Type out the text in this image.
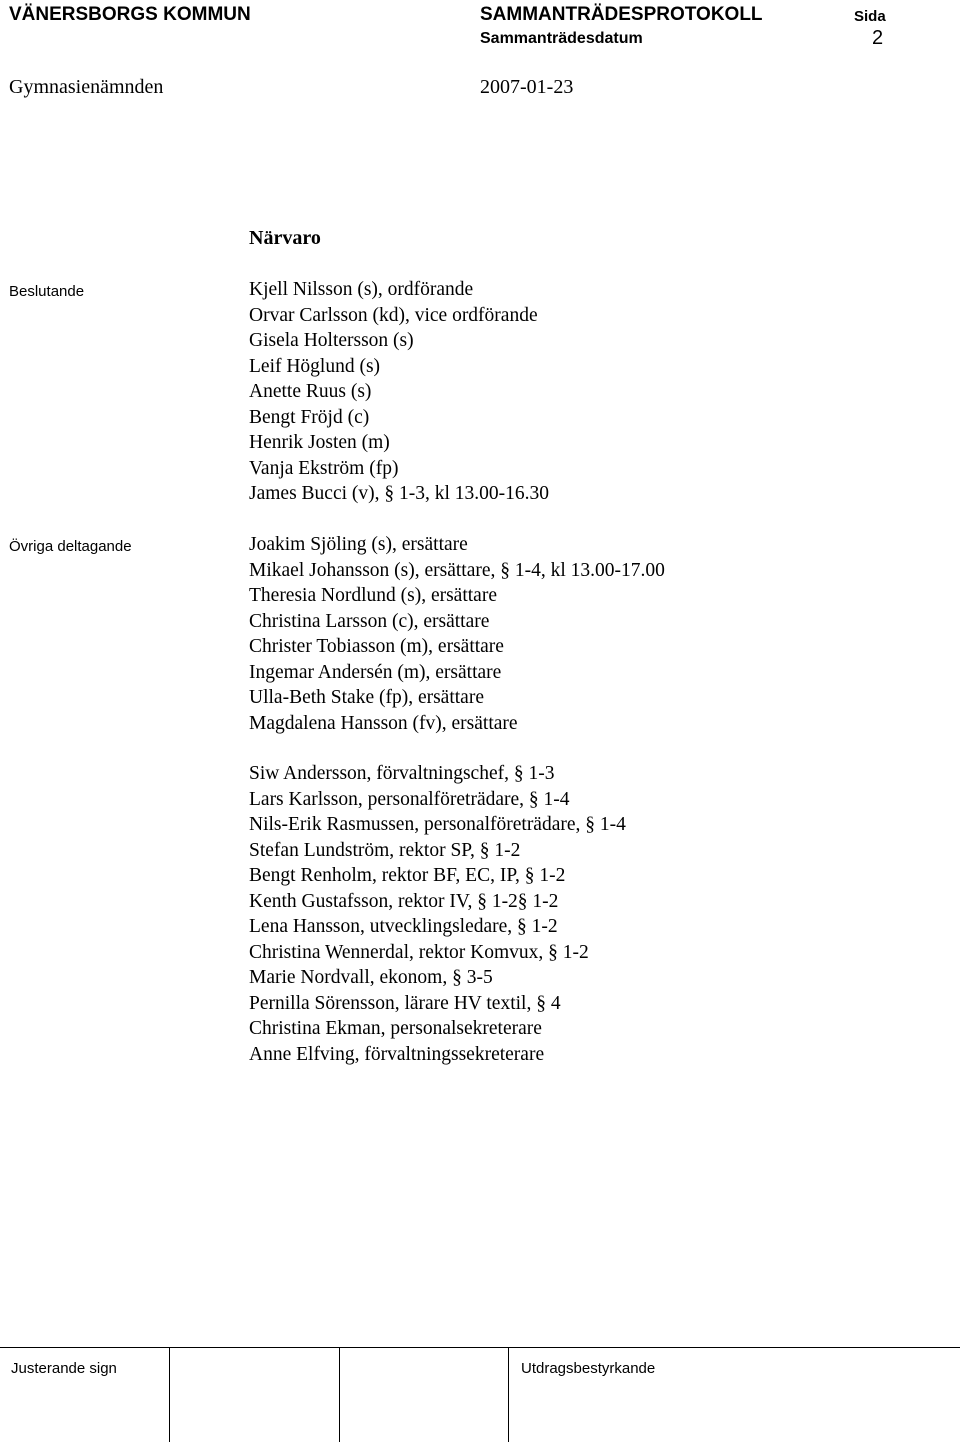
VÄNERSBORGS KOMMUN	SAMMANTRÄDESPROTOKOLL	Sida
Sammanträdesdatum	2
Gymnasienämnden	2007-01-23
Närvaro
Beslutande	Kjell Nilsson (s), ordförande
Orvar Carlsson (kd), vice ordförande
Gisela Holtersson (s)
Leif Höglund (s)
Anette Ruus (s)
Bengt Fröjd (c)
Henrik Josten (m)
Vanja Ekström (fp)
James Bucci (v), § 1-3, kl 13.00-16.30
Övriga deltagande	Joakim Sjöling (s), ersättare
Mikael Johansson (s), ersättare, § 1-4, kl 13.00-17.00
Theresia Nordlund (s), ersättare
Christina Larsson (c), ersättare
Christer Tobiasson (m), ersättare
Ingemar Andersén (m), ersättare
Ulla-Beth Stake (fp), ersättare
Magdalena Hansson (fv), ersättare
Siw Andersson, förvaltningschef, § 1-3
Lars Karlsson, personalföreträdare, § 1-4
Nils-Erik Rasmussen, personalföreträdare, § 1-4
Stefan Lundström, rektor SP, § 1-2
Bengt Renholm, rektor BF, EC, IP, § 1-2
Kenth Gustafsson, rektor IV, § 1-2§ 1-2
Lena Hansson, utvecklingsledare, § 1-2
Christina Wennerdal, rektor Komvux, § 1-2
Marie Nordvall, ekonom, § 3-5
Pernilla Sörensson, lärare HV textil, § 4
Christina Ekman, personalsekreterare
Anne Elfving, förvaltningssekreterare
Justerande sign	Utdragsbestyrkande
